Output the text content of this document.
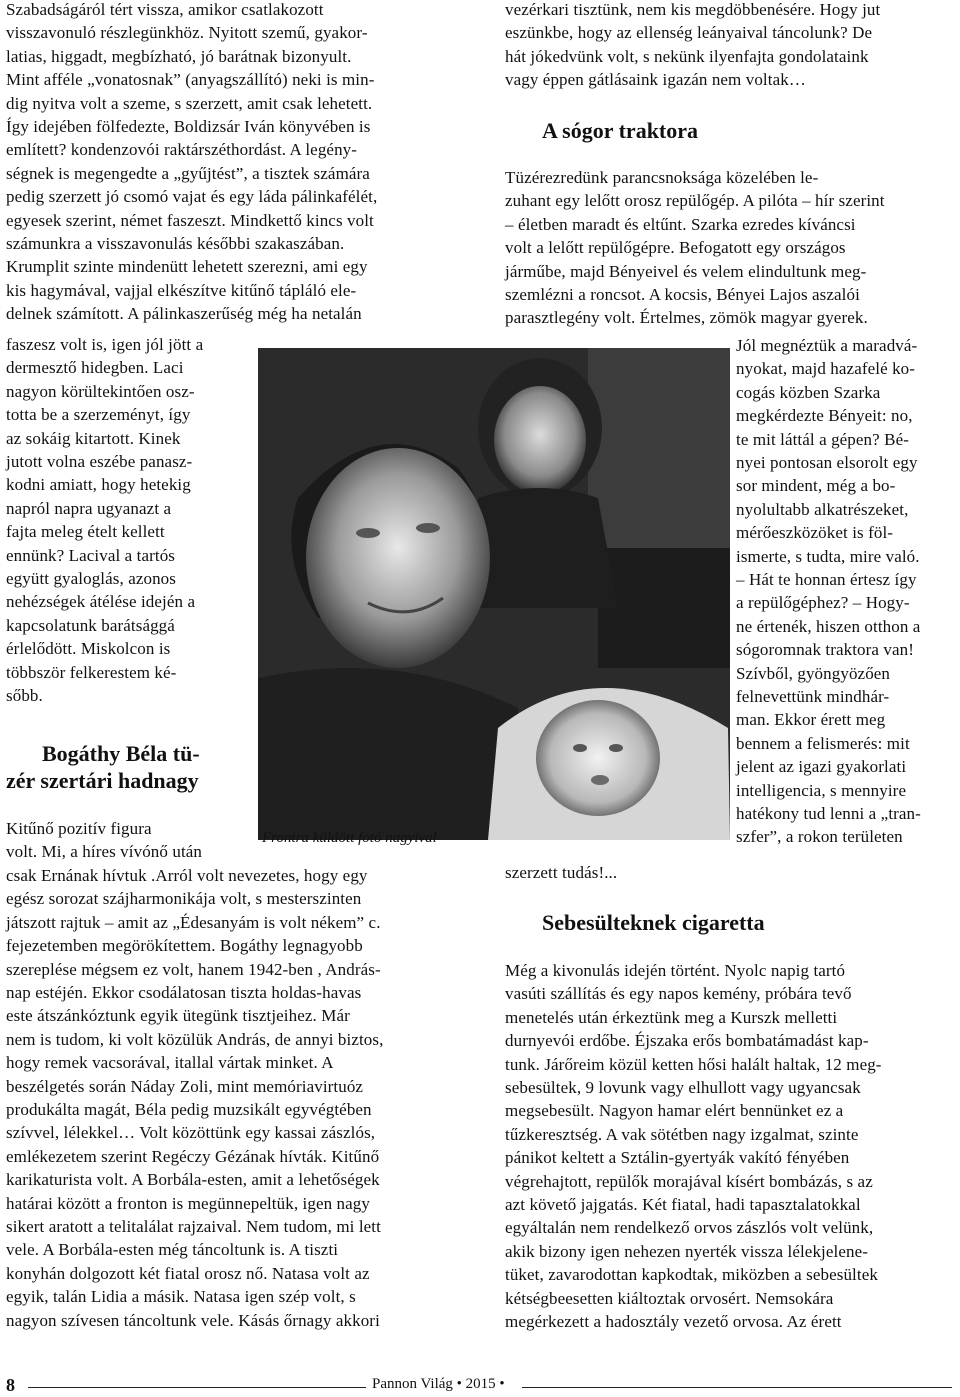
Szabadságáról tért vissza, amikor csatlakozott
visszavonuló részlegünkhöz. Nyitott szemű, gyakor-
latias, higgadt, megbízható, jó barátnak bizonyult.
Mint afféle „vonatosnak” (anyagszállító) neki is min-
dig nyitva volt a szeme, s szerzett, amit csak lehetett.
Így idejében fölfedezte, Boldizsár Iván könyvében is
említett? kondenzovói raktárszéthordást. A legény-
ségnek is megengedte a „gyűjtést”, a tisztek számára
pedig szerzett jó csomó vajat és egy láda pálinkafélét,
egyesek szerint, német faszeszt. Mindkettő kincs volt
számunkra a visszavonulás későbbi szakaszában.
Krumplit szinte mindenütt lehetett szerezni, ami egy
kis hagymával, vajjal elkészítve kitűnő tápláló ele-
delnek számított. A pálinkaszerűség még ha netalán
faszesz volt is, igen jól jött a
dermesztő hidegben. Laci
nagyon körültekintően osz-
totta be a szerzeményt, így
az sokáig kitartott. Kinek
jutott volna eszébe panasz-
kodni amiatt, hogy hetekig
napról napra ugyanazt a
fajta meleg ételt kellett
ennünk? Lacival a tartós
együtt gyaloglás, azonos
nehézségek átélése idején a
kapcsolatunk barátsággá
érlelődött. Miskolcon is
többször felkerestem ké-
sőbb.
Bogáthy Béla tü-
zér szertári hadnagy
Kitűnő pozitív figura
volt. Mi, a híres vívónő után
csak Ernának hívtuk .Arról volt nevezetes, hogy egy
egész sorozat szájharmonikája volt, s mesterszinten
játszott rajtuk – amit az „Édesanyám is volt nékem” c.
fejezetemben megörökítettem. Bogáthy legnagyobb
szereplése mégsem ez volt, hanem 1942-ben , András-
nap estéjén. Ekkor csodálatosan tiszta holdas-havas
este átszánkóztunk egyik ütegünk tisztjeihez. Már
nem is tudom, ki volt közülük András, de annyi biztos,
hogy remek vacsorával, itallal vártak minket. A
beszélgetés során Náday Zoli, mint memóriavirtuóz
produkálta magát, Béla pedig muzsikált egyvégtében
szívvel, lélekkel… Volt közöttünk egy kassai zászlós,
emlékezetem szerint Regéczy Gézának hívták. Kitűnő
karikaturista volt. A Borbála-esten, amit a lehetőségek
határai között a fronton is megünnepeltük, igen nagy
sikert aratott a telitalálat rajzaival. Nem tudom, mi lett
vele. A Borbála-esten még táncoltunk is. A tiszti
konyhán dolgozott két fiatal orosz nő. Natasa volt az
egyik, talán Lidia a másik. Natasa igen szép volt, s
nagyon szívesen táncoltunk vele. Kásás őrnagy akkori
Frontra küldött fotó nagyival
vezérkari tisztünk, nem kis megdöbbenésére. Hogy jut
eszünkbe, hogy az ellenség leányaival táncolunk? De
hát jókedvünk volt, s nekünk ilyenfajta gondolataink
vagy éppen gátlásaink igazán nem voltak…
A sógor traktora
Tüzérezredünk parancsnoksága közelében le-
zuhant egy lelőtt orosz repülőgép. A pilóta – hír szerint
– életben maradt és eltűnt. Szarka ezredes kíváncsi
volt a lelőtt repülőgépre. Befogatott egy országos
járműbe, majd Bényeivel és velem elindultunk meg-
szemlézni a roncsot. A kocsis, Bényei Lajos aszalói
parasztlegény volt. Értelmes, zömök magyar gyerek.
Jól megnéztük a maradvá-
nyokat, majd hazafelé ko-
cogás közben Szarka
megkérdezte Bényeit: no,
te mit láttál a gépen? Bé-
nyei pontosan elsorolt egy
sor mindent, még a bo-
nyolultabb alkatrészeket,
mérőeszközöket is föl-
ismerte, s tudta, mire való.
– Hát te honnan értesz így
a repülőgéphez? – Hogy-
ne értenék, hiszen otthon a
sógoromnak traktora van!
Szívből, gyöngyözően
felnevettünk mindhár-
man. Ekkor érett meg
bennem a felismerés: mit
jelent az igazi gyakorlati
intelligencia, s mennyire
hatékony tud lenni a „tran-
szfer”, a rokon területen
szerzett tudás!...
Sebesülteknek cigaretta
Még a kivonulás idején történt. Nyolc napig tartó
vasúti szállítás és egy napos kemény, próbára tevő
menetelés után érkeztünk meg a Kurszk melletti
durnyevói erdőbe. Éjszaka erős bombatámadást kap-
tunk. Járőreim közül ketten hősi halált haltak, 12 meg-
sebesültek, 9 lovunk vagy elhullott vagy ugyancsak
megsebesült. Nagyon hamar elért bennünket ez a
tűzkeresztség. A vak sötétben nagy izgalmat, szinte
pánikot keltett a Sztálin-gyertyák vakító fényében
végrehajtott, repülők morajával kísért bombázás, s az
azt követő jajgatás. Két fiatal, hadi tapasztalatokkal
egyáltalán nem rendelkező orvos zászlós volt velünk,
akik bizony igen nehezen nyerték vissza lélekjelene-
tüket, zavarodottan kapkodtak, miközben a sebesültek
kétségbeesetten kiáltoztak orvosért. Nemsokára
megérkezett a hadosztály vezető orvosa. Az érett
8	Pannon Világ • 2015 •
